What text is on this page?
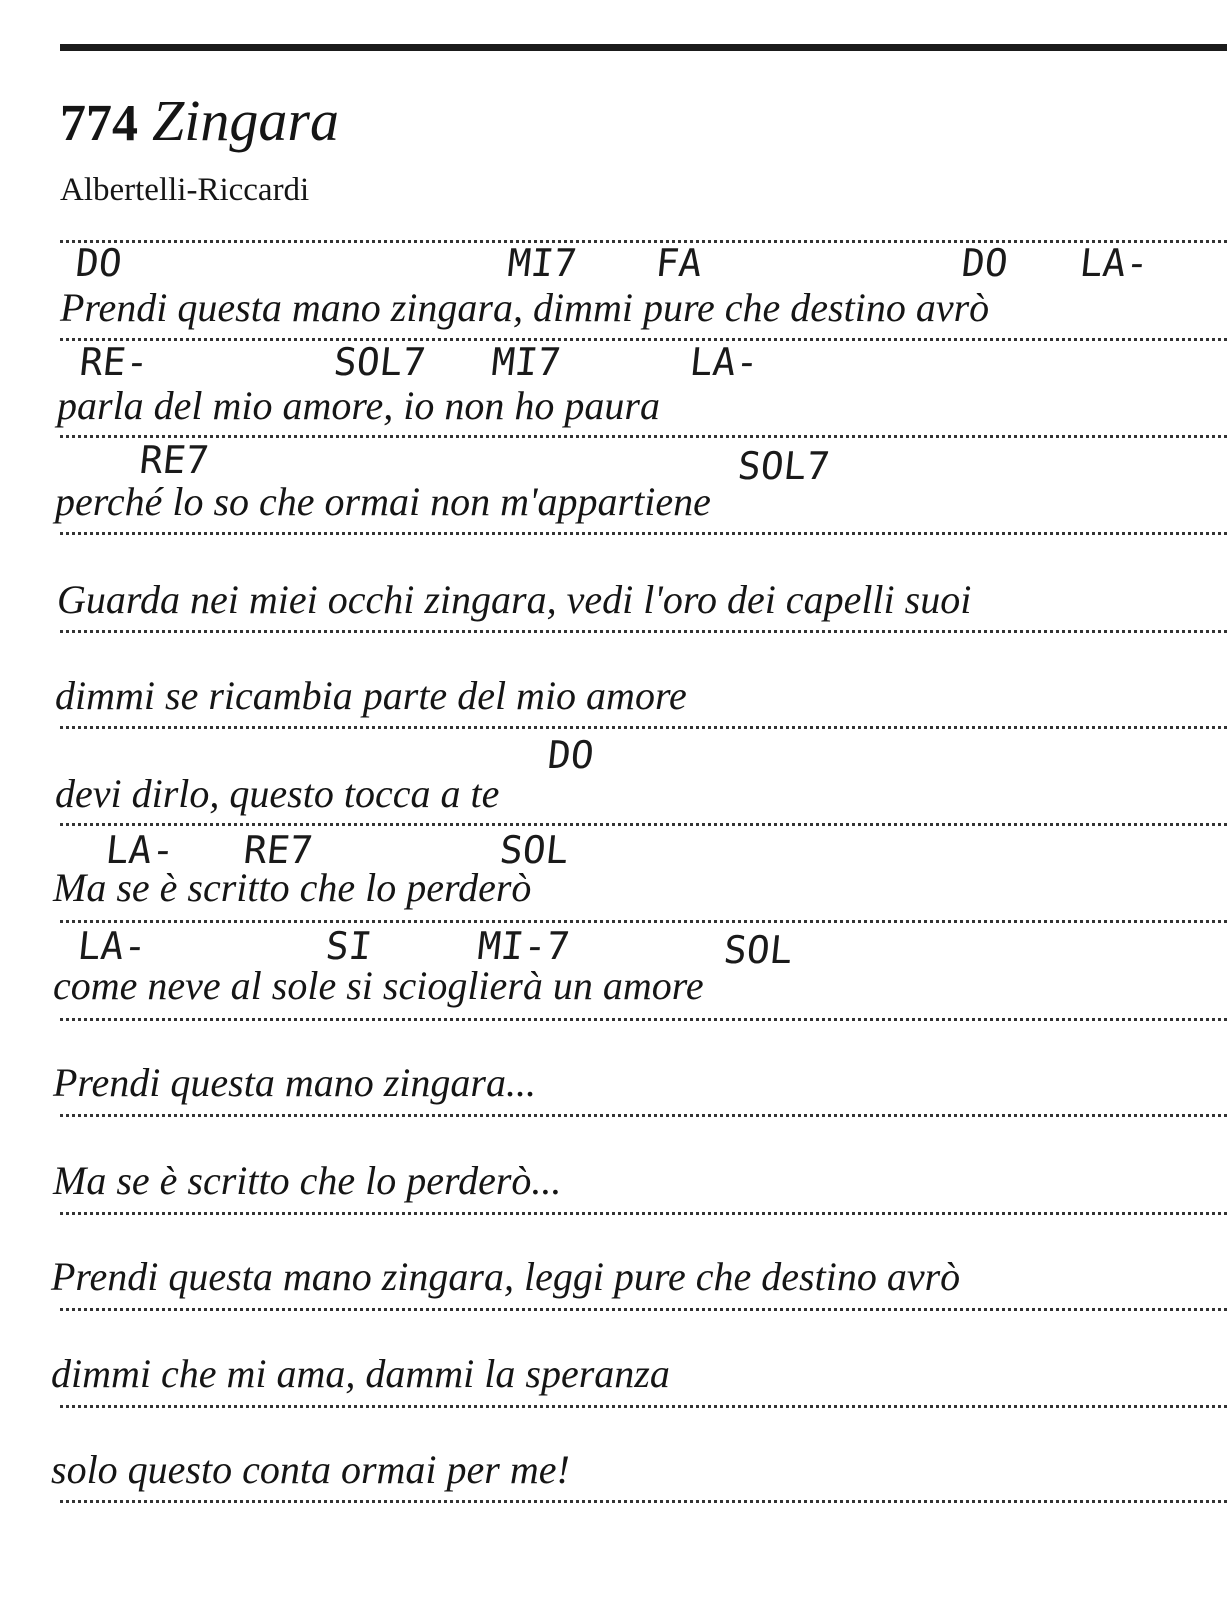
774 Zingara
Albertelli-Riccardi
DO	MI7 FA	DO LA-
Prendi questa mano zingara, dimmi pure che destino avrò
RE-	SOL7 MI7	LA-
parla del mio amore, io non ho paura
RE7	SOL7
perché lo so che ormai non m'appartiene
Guarda nei miei occhi zingara, vedi l'oro dei capelli suoi
dimmi se ricambia parte del mio amore
DO
devi dirlo, questo tocca a te
LA- RE7	SOL
Ma se è scritto che lo perderò
LA-	SI	MI-7	SOL
come neve al sole si scioglierà un amore
Prendi questa mano zingara...
Ma se è scritto che lo perderò...
Prendi questa mano zingara, leggi pure che destino avrò
dimmi che mi ama, dammi la speranza
solo questo conta ormai per me!
